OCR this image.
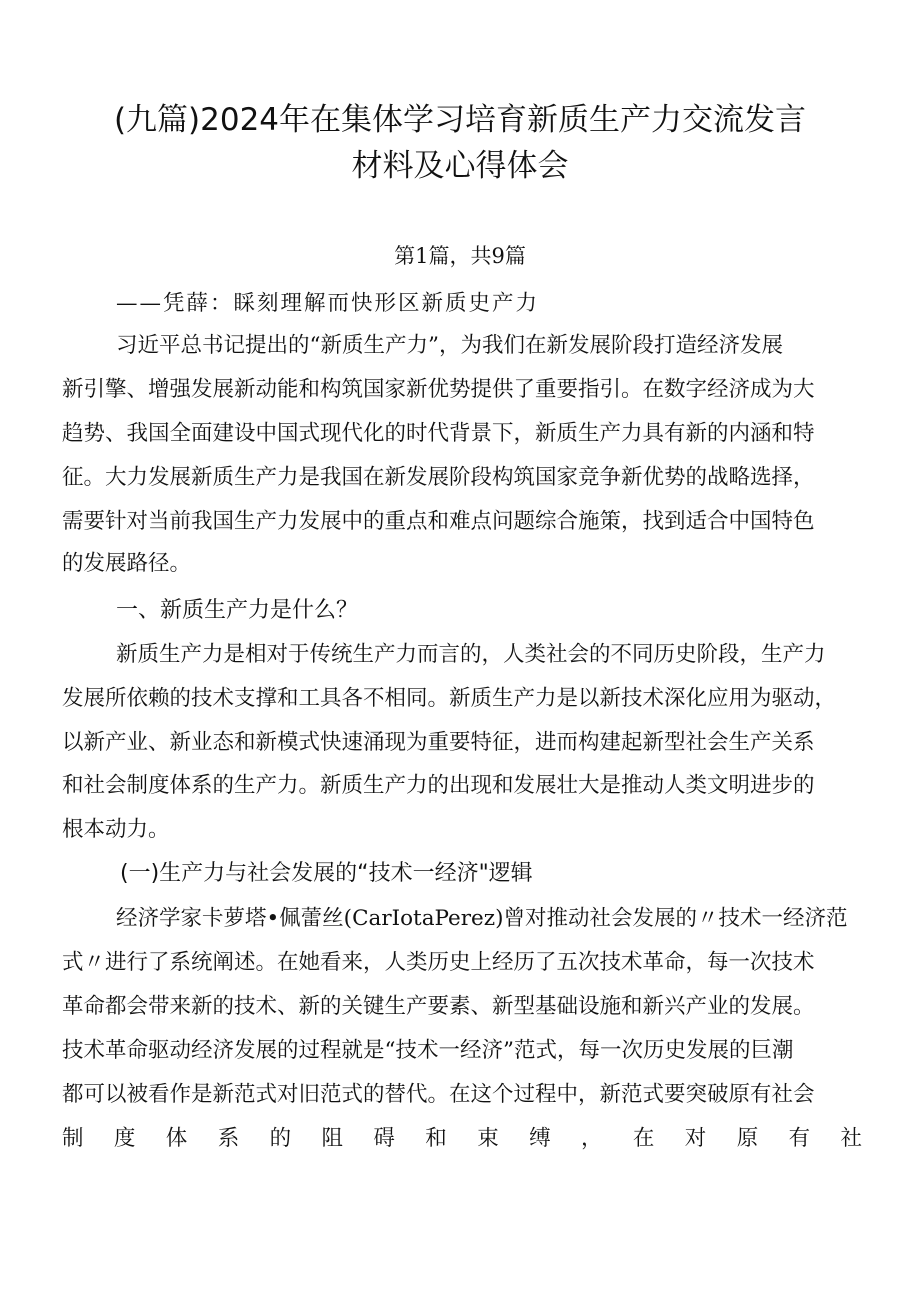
(九篇)2024年在集体学习培育新质生产力交流发言
材料及心得体会
第1篇，共9篇
——凭薛：睬刻理解而快形区新质史产力
习近平总书记提出的“新质生产力”，为我们在新发展阶段打造经济发展
新引擎、增强发展新动能和构筑国家新优势提供了重要指引。在数字经济成为大
趋势、我国全面建设中国式现代化的时代背景下，新质生产力具有新的内涵和特
征。大力发展新质生产力是我国在新发展阶段构筑国家竞争新优势的战略选择，
需要针对当前我国生产力发展中的重点和难点问题综合施策，找到适合中国特色
的发展路径。
一、新质生产力是什么？
新质生产力是相对于传统生产力而言的，人类社会的不同历史阶段，生产力
发展所依赖的技术支撑和工具各不相同。新质生产力是以新技术深化应用为驱动，
以新产业、新业态和新模式快速涌现为重要特征，进而构建起新型社会生产关系
和社会制度体系的生产力。新质生产力的出现和发展壮大是推动人类文明进步的
根本动力。
(一)生产力与社会发展的“技术一经济"逻辑
经济学家卡萝塔•佩蕾丝(CarIotaPerez)曾对推动社会发展的〃技术一经济范
式〃进行了系统阐述。在她看来，人类历史上经历了五次技术革命，每一次技术
革命都会带来新的技术、新的关键生产要素、新型基础设施和新兴产业的发展。
技术革命驱动经济发展的过程就是“技术一经济”范式，每一次历史发展的巨潮
都可以被看作是新范式对旧范式的替代。在这个过程中，新范式要突破原有社会
制度体系的阻碍和束缚，在对原有社
